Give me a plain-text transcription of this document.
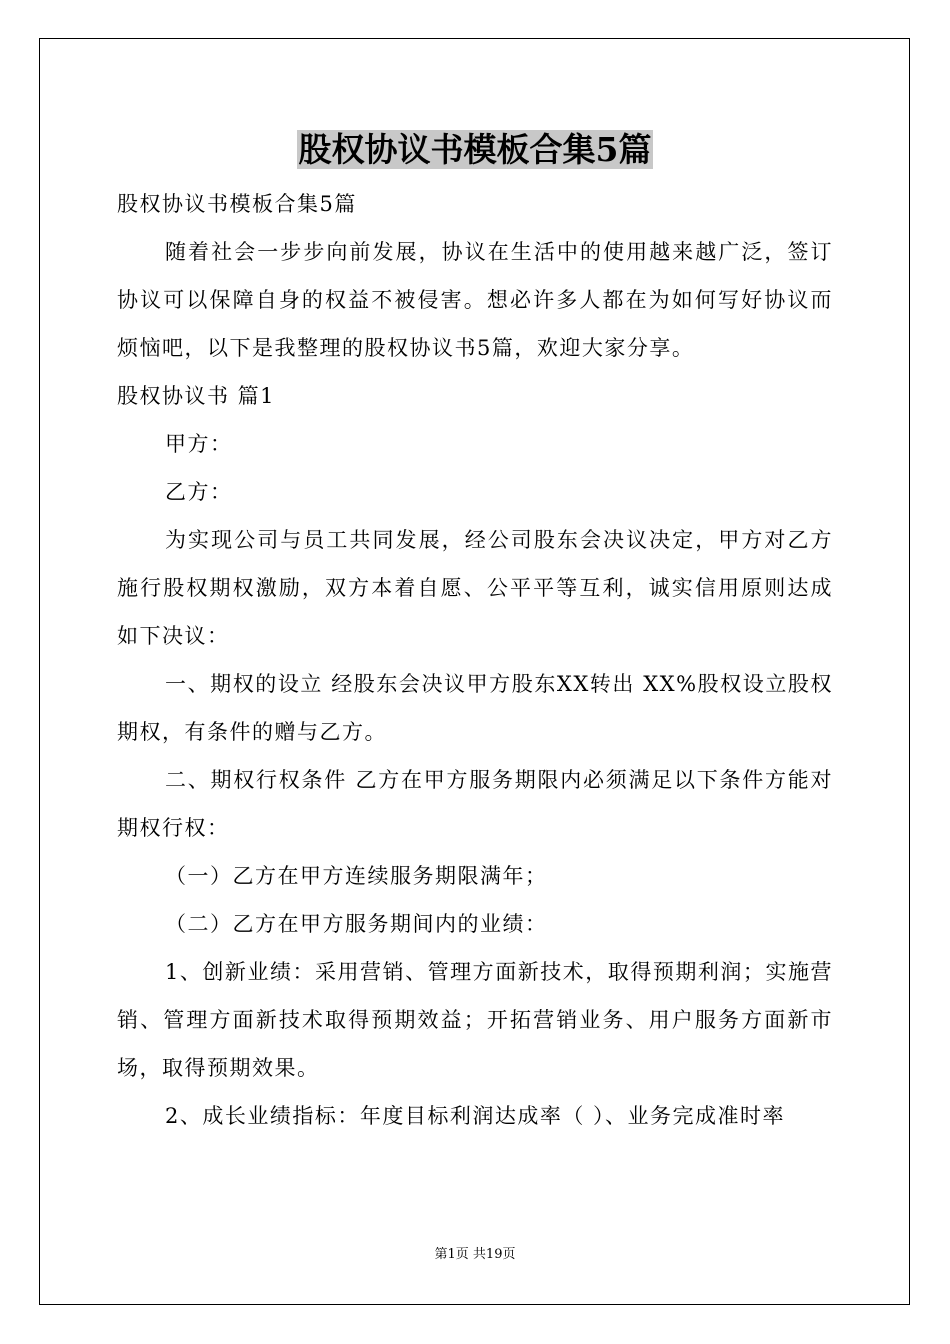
股权协议书模板合集5篇
股权协议书模板合集5篇

随着社会一步步向前发展，协议在生活中的使用越来越广泛，签订协议可以保障自身的权益不被侵害。想必许多人都在为如何写好协议而烦恼吧，以下是我整理的股权协议书5篇，欢迎大家分享。

股权协议书 篇1

甲方：

乙方：

为实现公司与员工共同发展，经公司股东会决议决定，甲方对乙方施行股权期权激励，双方本着自愿、公平平等互利，诚实信用原则达成如下决议：

一、期权的设立 经股东会决议甲方股东XX转出 XX%股权设立股权期权，有条件的赠与乙方。

二、期权行权条件 乙方在甲方服务期限内必须满足以下条件方能对期权行权：

（一）乙方在甲方连续服务期限满年；

（二）乙方在甲方服务期间内的业绩：

1、创新业绩：采用营销、管理方面新技术，取得预期利润；实施营销、管理方面新技术取得预期效益；开拓营销业务、用户服务方面新市场，取得预期效果。

2、成长业绩指标：年度目标利润达成率（ ）、业务完成准时率

第1页 共19页
